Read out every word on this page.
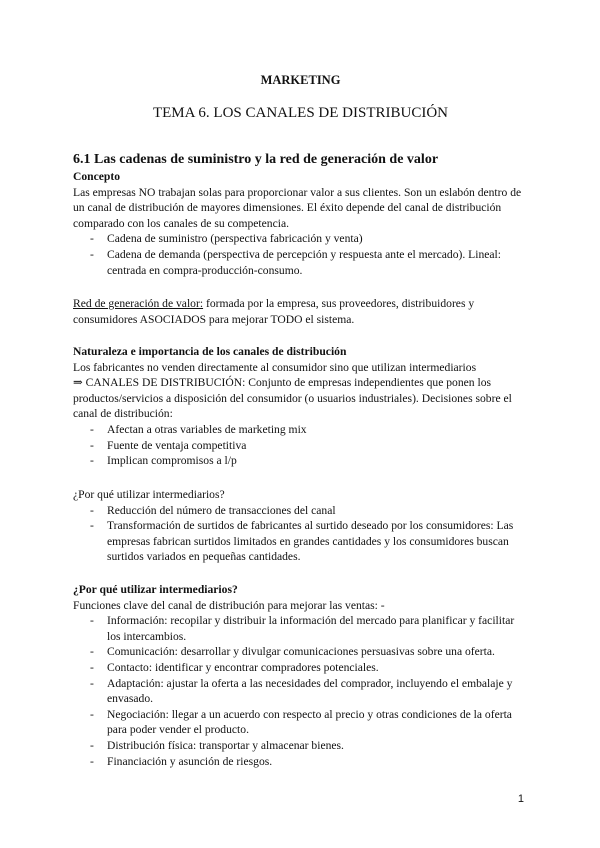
MARKETING
TEMA 6. LOS CANALES DE DISTRIBUCIÓN
6.1 Las cadenas de suministro y la red de generación de valor

Concepto

Las empresas NO trabajan solas para proporcionar valor a sus clientes. Son un eslabón dentro de un canal de distribución de mayores dimensiones. El éxito depende del canal de distribución comparado con los canales de su competencia.

- Cadena de suministro (perspectiva fabricación y venta)
- Cadena de demanda (perspectiva de percepción y respuesta ante el mercado). Lineal: centrada en compra-producción-consumo.

Red de generación de valor: formada por la empresa, sus proveedores, distribuidores y consumidores ASOCIADOS para mejorar TODO el sistema.

Naturaleza e importancia de los canales de distribución

Los fabricantes no venden directamente al consumidor sino que utilizan intermediarios

⇒ CANALES DE DISTRIBUCIÓN: Conjunto de empresas independientes que ponen los productos/servicios a disposición del consumidor (o usuarios industriales). Decisiones sobre el canal de distribución:

- Afectan a otras variables de marketing mix
- Fuente de ventaja competitiva
- Implican compromisos a l/p

¿Por qué utilizar intermediarios?

- Reducción del número de transacciones del canal
- Transformación de surtidos de fabricantes al surtido deseado por los consumidores: Las empresas fabrican surtidos limitados en grandes cantidades y los consumidores buscan surtidos variados en pequeñas cantidades.

¿Por qué utilizar intermediarios?

Funciones clave del canal de distribución para mejorar las ventas: -

- Información: recopilar y distribuir la información del mercado para planificar y facilitar los intercambios.
- Comunicación: desarrollar y divulgar comunicaciones persuasivas sobre una oferta.
- Contacto: identificar y encontrar compradores potenciales.
- Adaptación: ajustar la oferta a las necesidades del comprador, incluyendo el embalaje y envasado.
- Negociación: llegar a un acuerdo con respecto al precio y otras condiciones de la oferta para poder vender el producto.
- Distribución física: transportar y almacenar bienes.
- Financiación y asunción de riesgos.
1
